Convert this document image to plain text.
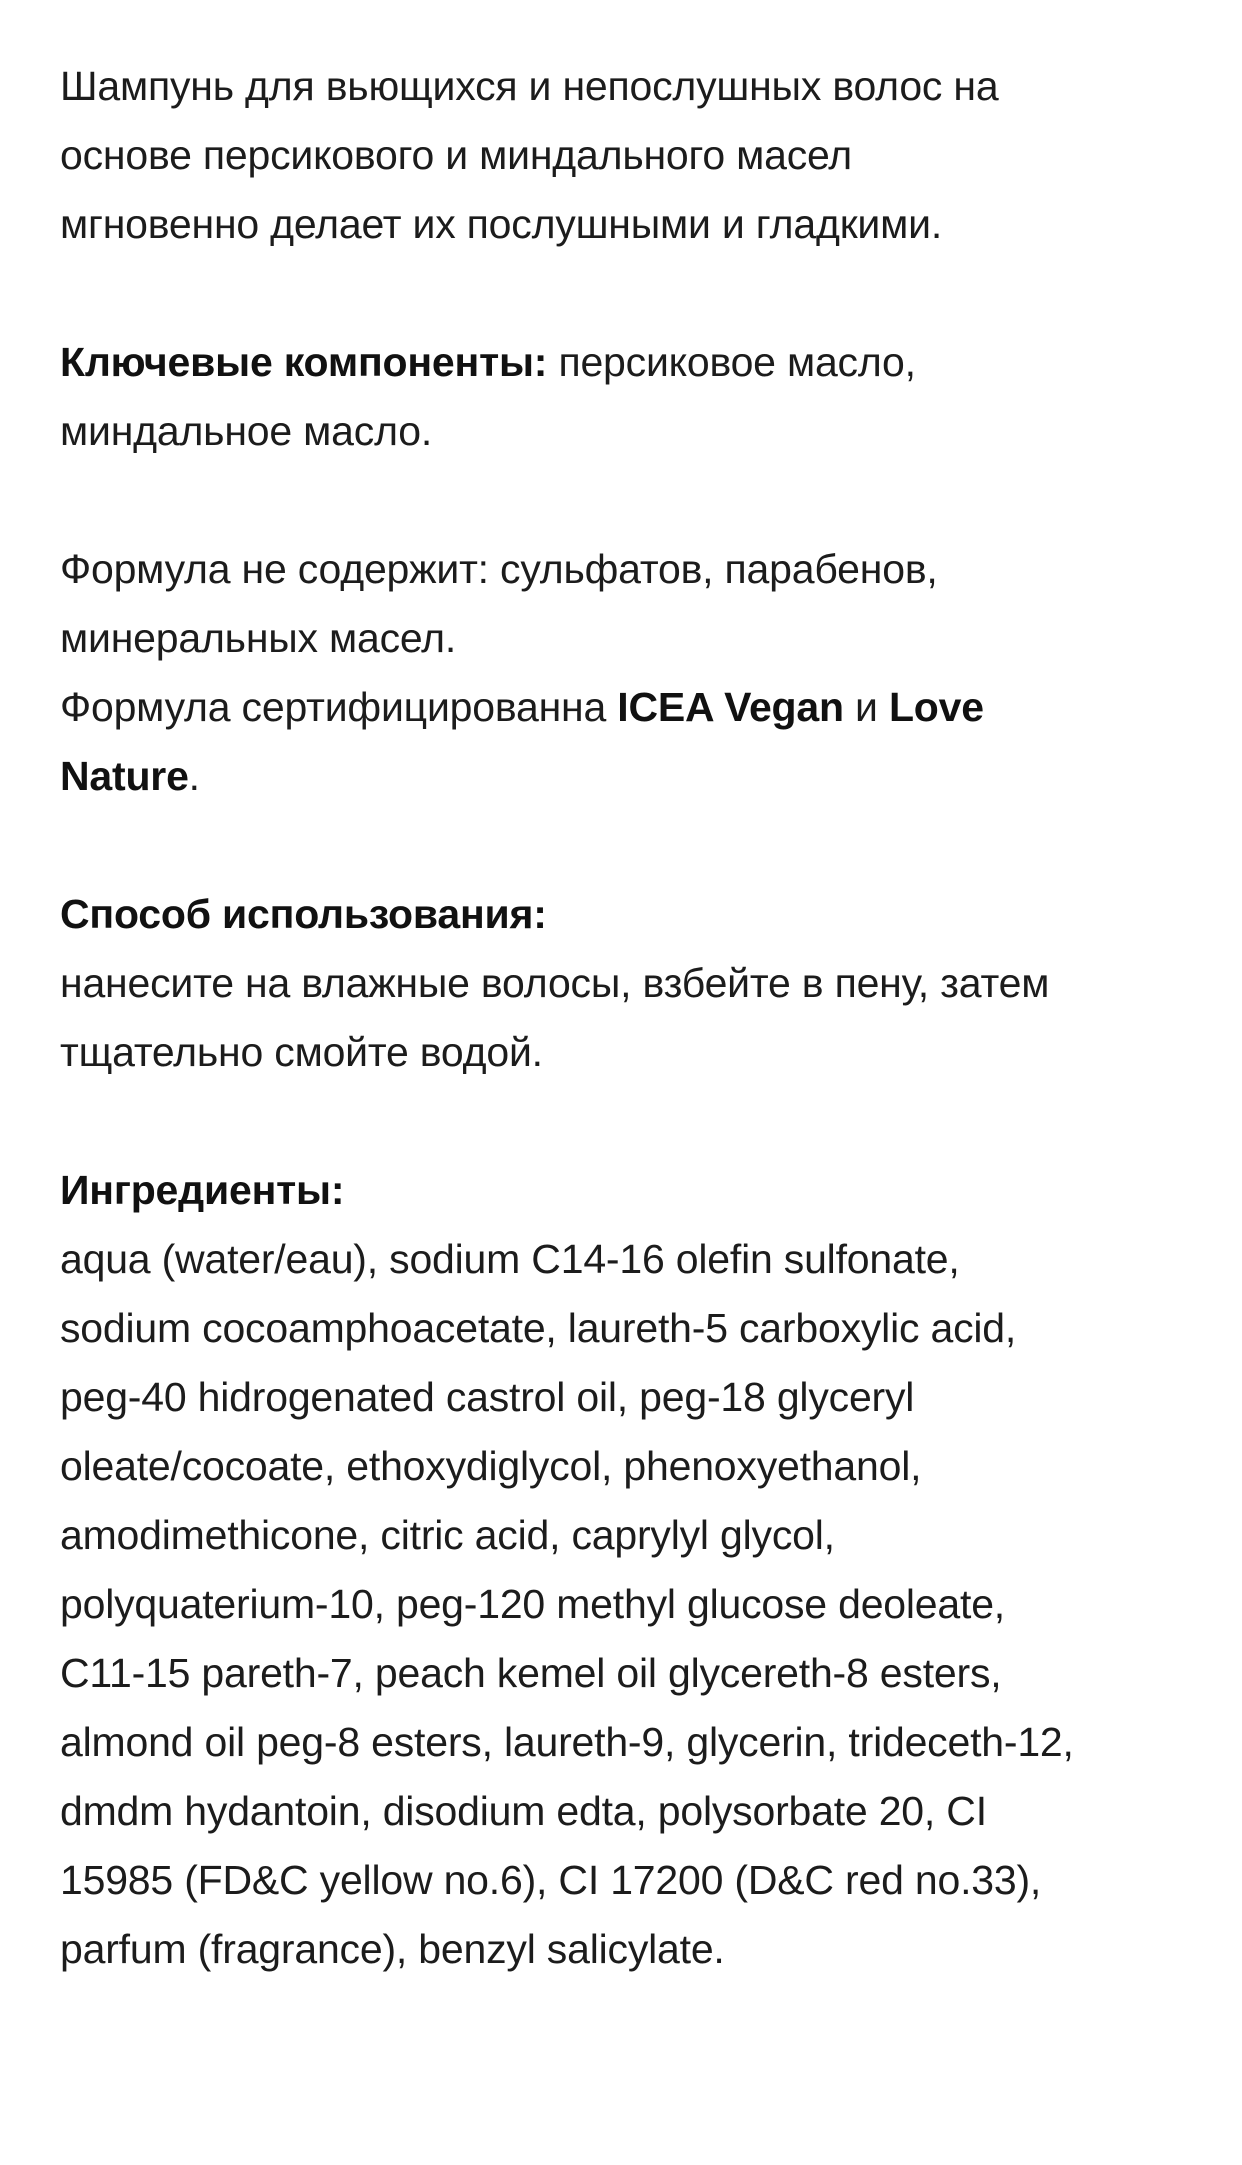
Шампунь для вьющихся и непослушных волос на
основе персикового и миндального масел
мгновенно делает их послушными и гладкими.
Ключевые компоненты: персиковое масло,
миндальное масло.
Формула не содержит: сульфатов, парабенов,
минеральных масел.
Формула сертифицированна ICEA Vegan и Love
Nature.
Способ использования:
нанесите на влажные волосы, взбейте в пену, затем
тщательно смойте водой.
Ингредиенты:
aqua (water/eau), sodium C14-16 olefin sulfonate,
sodium cocoamphoacetate, laureth-5 carboxylic acid,
peg-40 hidrogenated castrol oil, peg-18 glyceryl
oleate/cocoate, ethoxydiglycol, phenoxyethanol,
amodimethicone, citric acid, caprylyl glycol,
polyquaterium-10, peg-120 methyl glucose deoleate,
C11-15 pareth-7, peach kemel oil glycereth-8 esters,
almond oil peg-8 esters, laureth-9, glycerin, trideceth-12,
dmdm hydantoin, disodium edta, polysorbate 20, CI
15985 (FD&C yellow no.6), CI 17200 (D&C red no.33),
parfum (fragrance), benzyl salicylate.
